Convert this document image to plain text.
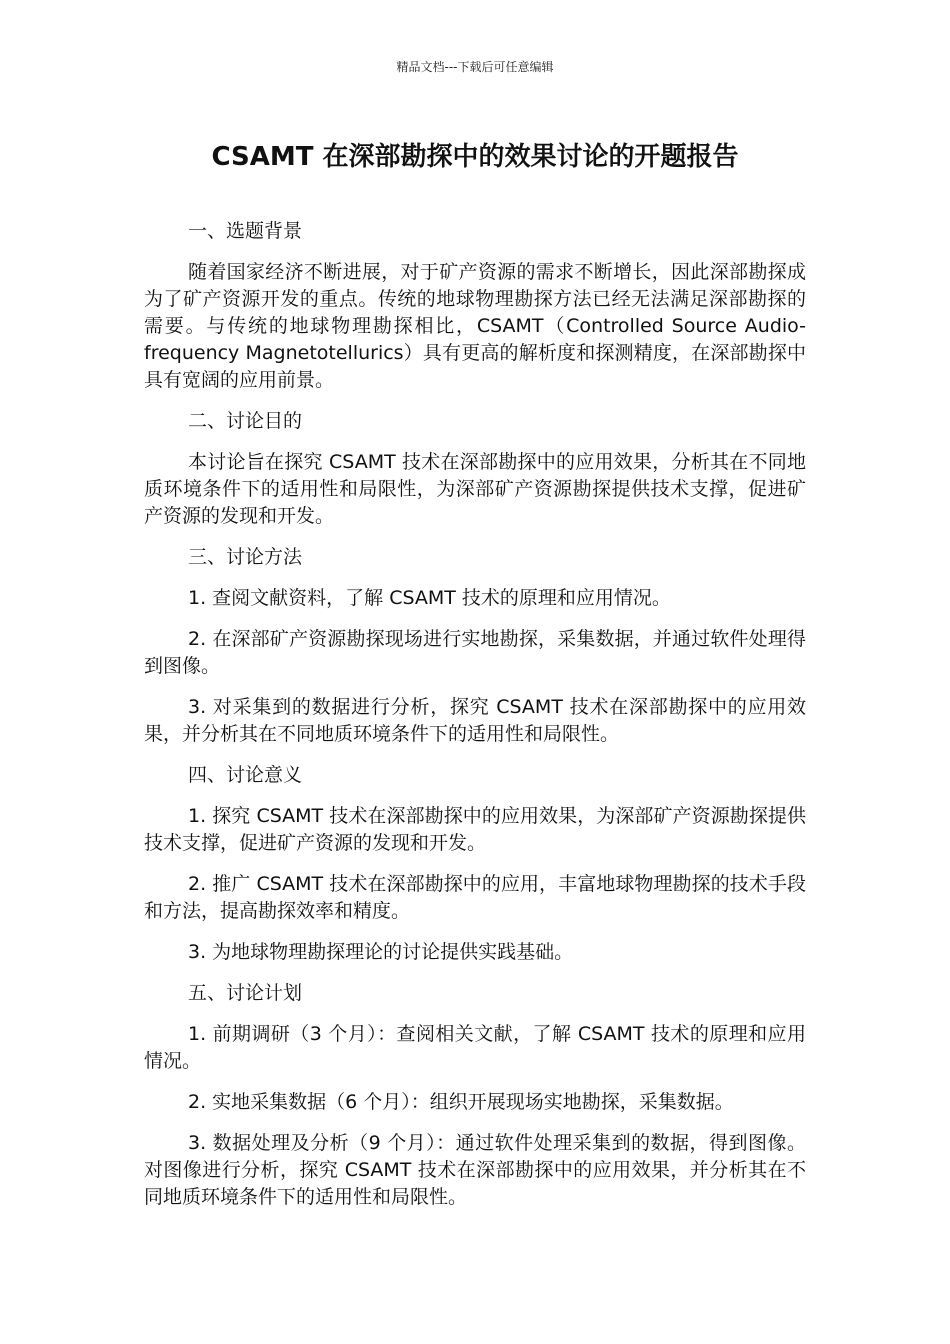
精品文档---下载后可任意编辑
CSAMT 在深部勘探中的效果讨论的开题报告

一、选题背景

随着国家经济不断进展，对于矿产资源的需求不断增长，因此深部勘探成为了矿产资源开发的重点。传统的地球物理勘探方法已经无法满足深部勘探的需要。与传统的地球物理勘探相比，CSAMT（Controlled Source Audio-frequency Magnetotellurics）具有更高的解析度和探测精度，在深部勘探中具有宽阔的应用前景。

二、讨论目的

本讨论旨在探究 CSAMT 技术在深部勘探中的应用效果，分析其在不同地质环境条件下的适用性和局限性，为深部矿产资源勘探提供技术支撑，促进矿产资源的发现和开发。

三、讨论方法

1. 查阅文献资料，了解 CSAMT 技术的原理和应用情况。

2. 在深部矿产资源勘探现场进行实地勘探，采集数据，并通过软件处理得到图像。

3. 对采集到的数据进行分析，探究 CSAMT 技术在深部勘探中的应用效果，并分析其在不同地质环境条件下的适用性和局限性。

四、讨论意义

1. 探究 CSAMT 技术在深部勘探中的应用效果，为深部矿产资源勘探提供技术支撑，促进矿产资源的发现和开发。

2. 推广 CSAMT 技术在深部勘探中的应用，丰富地球物理勘探的技术手段和方法，提高勘探效率和精度。

3. 为地球物理勘探理论的讨论提供实践基础。

五、讨论计划

1. 前期调研（3 个月）：查阅相关文献，了解 CSAMT 技术的原理和应用情况。

2. 实地采集数据（6 个月）：组织开展现场实地勘探，采集数据。

3. 数据处理及分析（9 个月）：通过软件处理采集到的数据，得到图像。对图像进行分析，探究 CSAMT 技术在深部勘探中的应用效果，并分析其在不同地质环境条件下的适用性和局限性。
